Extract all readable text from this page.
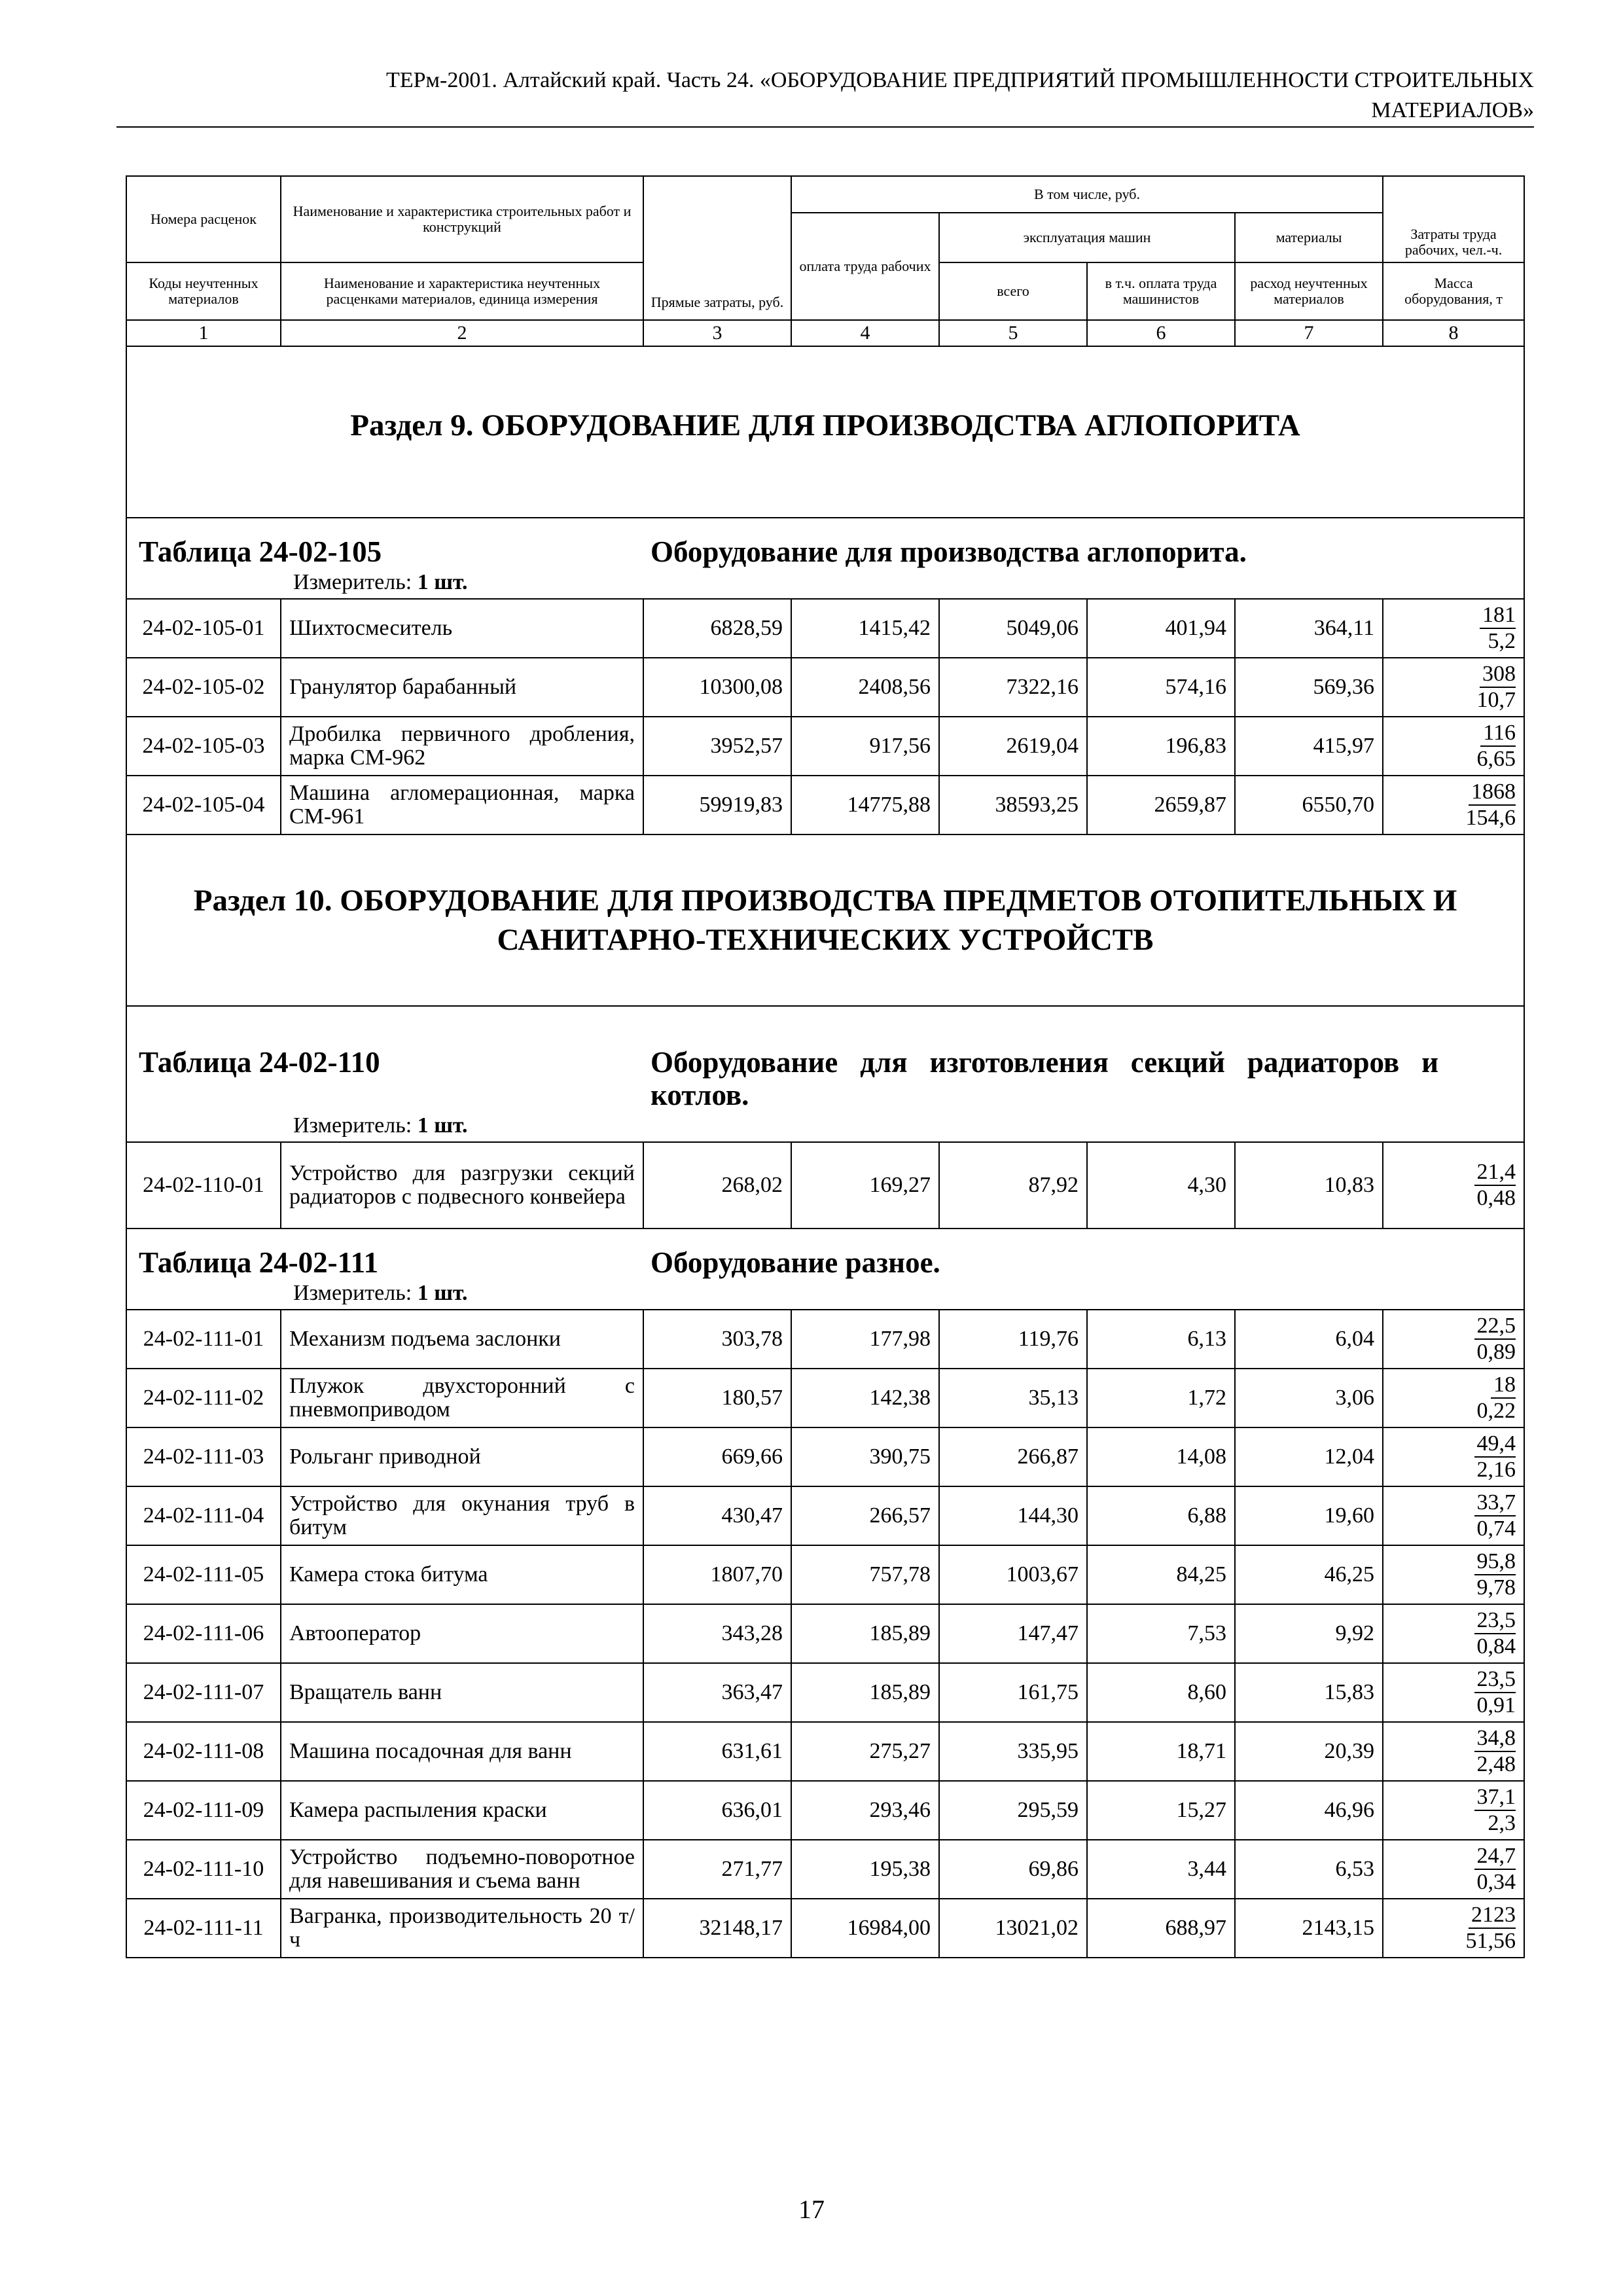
ТЕРм-2001. Алтайский край. Часть 24. «ОБОРУДОВАНИЕ ПРЕДПРИЯТИЙ ПРОМЫШЛЕННОСТИ СТРОИТЕЛЬНЫХ
МАТЕРИАЛОВ»
Номера расценок	Наименование и характеристика строительных работ и конструкций	Прямые затраты, руб.	В том числе, руб.				Затраты труда рабочих, чел.-ч.
			оплата труда рабочих	эксплуатация машин		материалы	
Коды неучтенных материалов	Наименование и характеристика неучтенных расценками материалов, единица измерения			всего	в т.ч. оплата труда машинистов	расход неучтенных материалов	Масса оборудования, т
1	2	3	4	5	6	7	8
Раздел 9. ОБОРУДОВАНИЕ ДЛЯ ПРОИЗВОДСТВА АГЛОПОРИТА							

Таблица 24-02-105 Оборудование для производства аглопорита.
Измеритель: 1 шт.							

24-02-105-01	Шихтосмеситель	6828,59	1415,42	5049,06	401,94	364,11	$\frac{181}{5,2}$

24-02-105-02	Гранулятор барабанный	10300,08	2408,56	7322,16	574,16	569,36	$\frac{308}{10,7}$

24-02-105-03	Дробилка первичного дробления, марка СМ-962	3952,57	917,56	2619,04	196,83	415,97	$\frac{116}{6,65}$

24-02-105-04	Машина агломерационная, марка СМ-961	59919,83	14775,88	38593,25	2659,87	6550,70	$\frac{1868}{154,6}$

Раздел 10. ОБОРУДОВАНИЕ ДЛЯ ПРОИЗВОДСТВА ПРЕДМЕТОВ ОТОПИТЕЛЬНЫХ И
САНИТАРНО-ТЕХНИЧЕСКИХ УСТРОЙСТВ							

Таблица 24-02-110 Оборудование для изготовления секций радиаторов и котлов.
Измеритель: 1 шт.							

24-02-110-01	Устройство для разгрузки секций радиаторов с подвесного конвейера	268,02	169,27	87,92	4,30	10,83	$\frac{21,4}{0,48}$

Таблица 24-02-111 Оборудование разное.
Измеритель: 1 шт.							

24-02-111-01	Механизм подъема заслонки	303,78	177,98	119,76	6,13	6,04	$\frac{22,5}{0,89}$

24-02-111-02	Плужок двухсторонний с пневмоприводом	180,57	142,38	35,13	1,72	3,06	$\frac{18}{0,22}$

24-02-111-03	Рольганг приводной	669,66	390,75	266,87	14,08	12,04	$\frac{49,4}{2,16}$

24-02-111-04	Устройство для окунания труб в битум	430,47	266,57	144,30	6,88	19,60	$\frac{33,7}{0,74}$

24-02-111-05	Камера стока битума	1807,70	757,78	1003,67	84,25	46,25	$\frac{95,8}{9,78}$

24-02-111-06	Автооператор	343,28	185,89	147,47	7,53	9,92	$\frac{23,5}{0,84}$

24-02-111-07	Вращатель ванн	363,47	185,89	161,75	8,60	15,83	$\frac{23,5}{0,91}$

24-02-111-08	Машина посадочная для ванн	631,61	275,27	335,95	18,71	20,39	$\frac{34,8}{2,48}$

24-02-111-09	Камера распыления краски	636,01	293,46	295,59	15,27	46,96	$\frac{37,1}{2,3}$

24-02-111-10	Устройство подъемно-поворотное для навешивания и съема ванн	271,77	195,38	69,86	3,44	6,53	$\frac{24,7}{0,34}$

24-02-111-11	Вагранка, производительность 20 т/ч	32148,17	16984,00	13021,02	688,97	2143,15	$\frac{2123}{51,56}$
17
